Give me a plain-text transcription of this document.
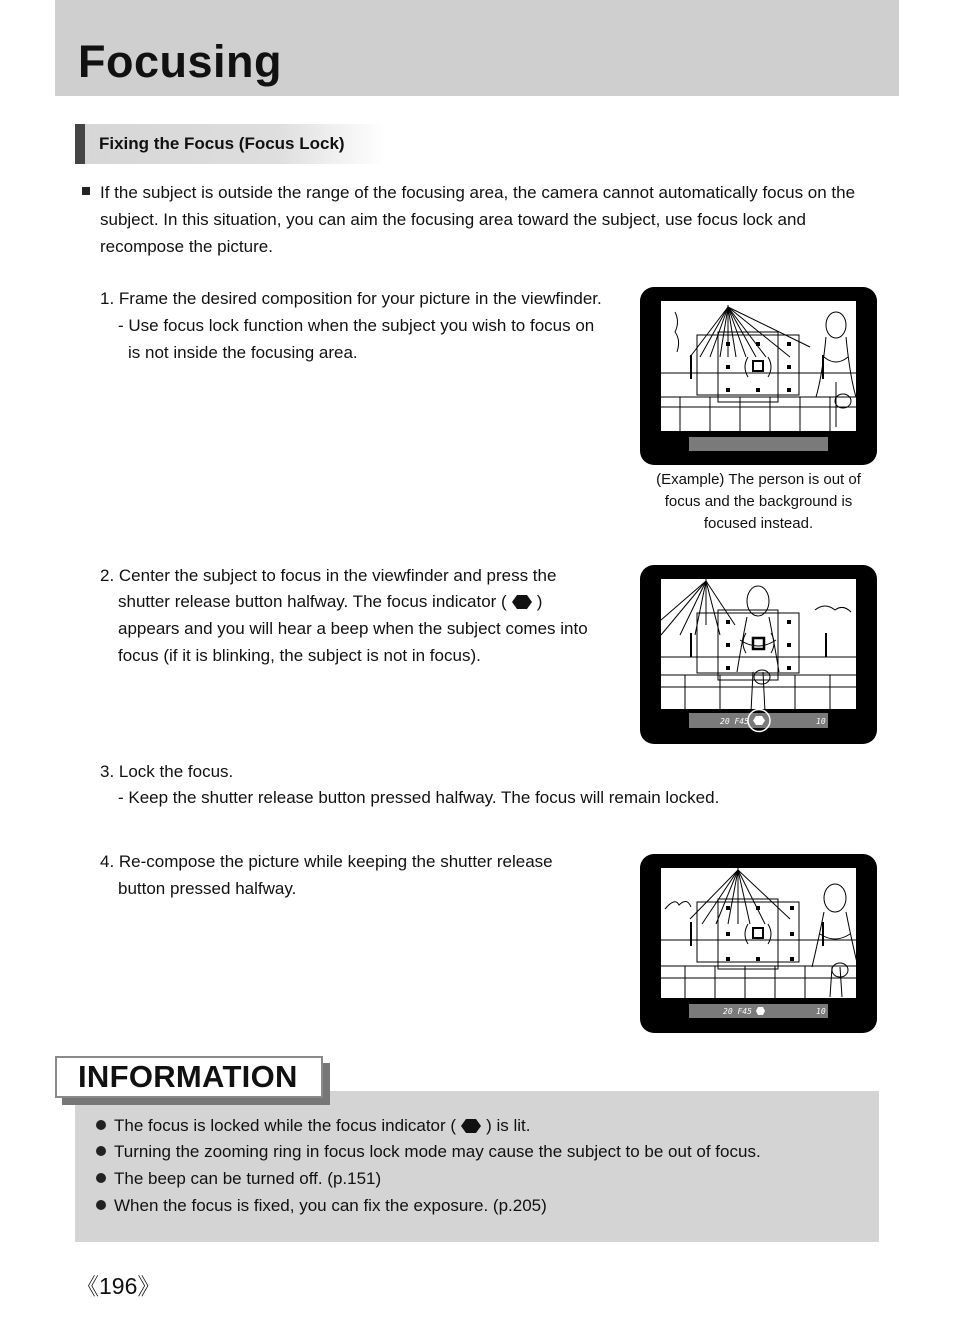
Focusing
Fixing the Focus (Focus Lock)
If the subject is outside the range of the focusing area, the camera cannot automatically focus on the
subject. In this situation, you can aim the focusing area toward the subject, use focus lock and
recompose the picture.
1. Frame the desired composition for your picture in the viewfinder.
- Use focus lock function when the subject you wish to focus on
is not inside the focusing area.
(Example) The person is out of
focus and the background is
focused instead.
2. Center the subject to focus in the viewfinder and press the
shutter release button halfway. The focus indicator ( )
appears and you will hear a beep when the subject comes into
focus (if it is blinking, the subject is not in focus).
20 F45	10
3. Lock the focus.
- Keep the shutter release button pressed halfway. The focus will remain locked.
4. Re-compose the picture while keeping the shutter release
button pressed halfway.
20 F45	10
INFORMATION
The focus is locked while the focus indicator ( ) is lit.
Turning the zooming ring in focus lock mode may cause the subject to be out of focus.
The beep can be turned off. (p.151)
When the focus is fixed, you can fix the exposure. (p.205)
《196》
